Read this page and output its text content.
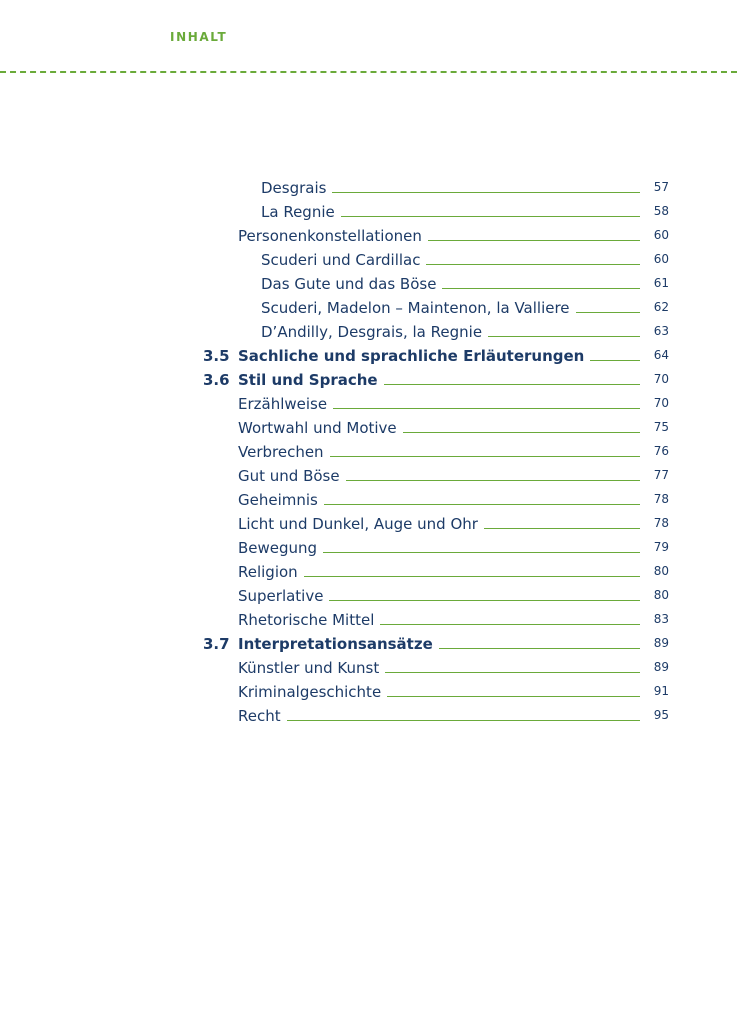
INHALT
Desgrais	57
La Regnie	58
Personenkonstellationen	60
Scuderi und Cardillac	60
Das Gute und das Böse	61
Scuderi, Madelon – Maintenon, la Valliere	62
D’Andilly, Desgrais, la Regnie	63
3.5 Sachliche und sprachliche Erläuterungen	64
3.6 Stil und Sprache	70
Erzählweise	70
Wortwahl und Motive	75
Verbrechen	76
Gut und Böse	77
Geheimnis	78
Licht und Dunkel, Auge und Ohr	78
Bewegung	79
Religion	80
Superlative	80
Rhetorische Mittel	83
3.7 Interpretationsansätze	89
Künstler und Kunst	89
Kriminalgeschichte	91
Recht	95
